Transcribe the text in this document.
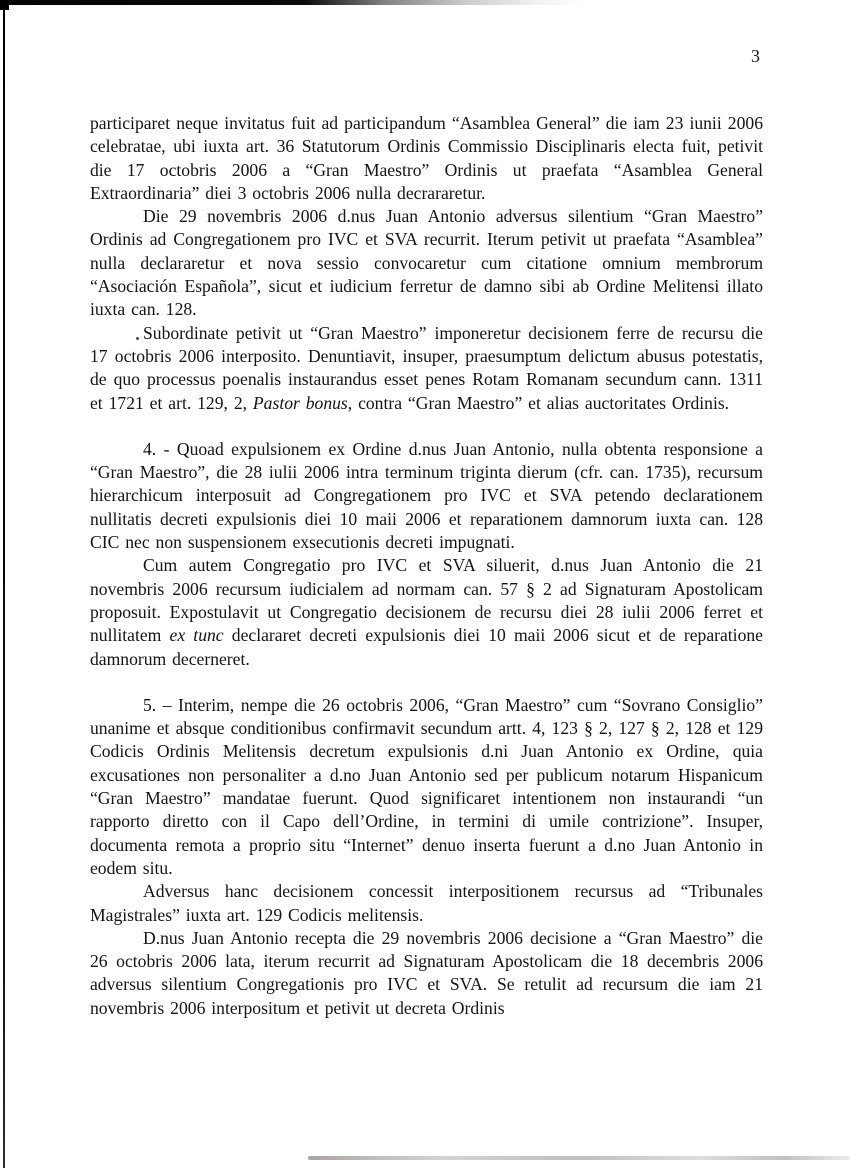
3

participaret neque invitatus fuit ad participandum “Asamblea General” die iam 23 iunii 2006 celebratae, ubi iuxta art. 36 Statutorum Ordinis Commissio Disciplinaris electa fuit, petivit die 17 octobris 2006 a “Gran Maestro” Ordinis ut praefata “Asamblea General Extraordinaria” diei 3 octobris 2006 nulla decrararetur.

Die 29 novembris 2006 d.nus Juan Antonio adversus silentium “Gran Maestro” Ordinis ad Congregationem pro IVC et SVA recurrit. Iterum petivit ut praefata “Asamblea” nulla declararetur et nova sessio convocaretur cum citatione omnium membrorum “Asociación Española”, sicut et iudicium ferretur de damno sibi ab Ordine Melitensi illato iuxta can. 128.

Subordinate petivit ut “Gran Maestro” imponeretur decisionem ferre de recursu die 17 octobris 2006 interposito. Denuntiavit, insuper, praesumptum delictum abusus potestatis, de quo processus poenalis instaurandus esset penes Rotam Romanam secundum cann. 1311 et 1721 et art. 129, 2, Pastor bonus, contra “Gran Maestro” et alias auctoritates Ordinis.

4. - Quoad expulsionem ex Ordine d.nus Juan Antonio, nulla obtenta responsione a “Gran Maestro”, die 28 iulii 2006 intra terminum triginta dierum (cfr. can. 1735), recursum hierarchicum interposuit ad Congregationem pro IVC et SVA petendo declarationem nullitatis decreti expulsionis diei 10 maii 2006 et reparationem damnorum iuxta can. 128 CIC nec non suspensionem exsecutionis decreti impugnati.

Cum autem Congregatio pro IVC et SVA siluerit, d.nus Juan Antonio die 21 novembris 2006 recursum iudicialem ad normam can. 57 § 2 ad Signaturam Apostolicam proposuit. Expostulavit ut Congregatio decisionem de recursu diei 28 iulii 2006 ferret et nullitatem ex tunc declararet decreti expulsionis diei 10 maii 2006 sicut et de reparatione damnorum decerneret.

5. – Interim, nempe die 26 octobris 2006, “Gran Maestro” cum “Sovrano Consiglio” unanime et absque conditionibus confirmavit secundum artt. 4, 123 § 2, 127 § 2, 128 et 129 Codicis Ordinis Melitensis decretum expulsionis d.ni Juan Antonio ex Ordine, quia excusationes non personaliter a d.no Juan Antonio sed per publicum notarum Hispanicum “Gran Maestro” mandatae fuerunt. Quod significaret intentionem non instaurandi “un rapporto diretto con il Capo dell’Ordine, in termini di umile contrizione”. Insuper, documenta remota a proprio situ “Internet” denuo inserta fuerunt a d.no Juan Antonio in eodem situ.

Adversus hanc decisionem concessit interpositionem recursus ad “Tribunales Magistrales” iuxta art. 129 Codicis melitensis.

D.nus Juan Antonio recepta die 29 novembris 2006 decisione a “Gran Maestro” die 26 octobris 2006 lata, iterum recurrit ad Signaturam Apostolicam die 18 decembris 2006 adversus silentium Congregationis pro IVC et SVA. Se retulit ad recursum die iam 21 novembris 2006 interpositum et petivit ut decreta Ordinis
